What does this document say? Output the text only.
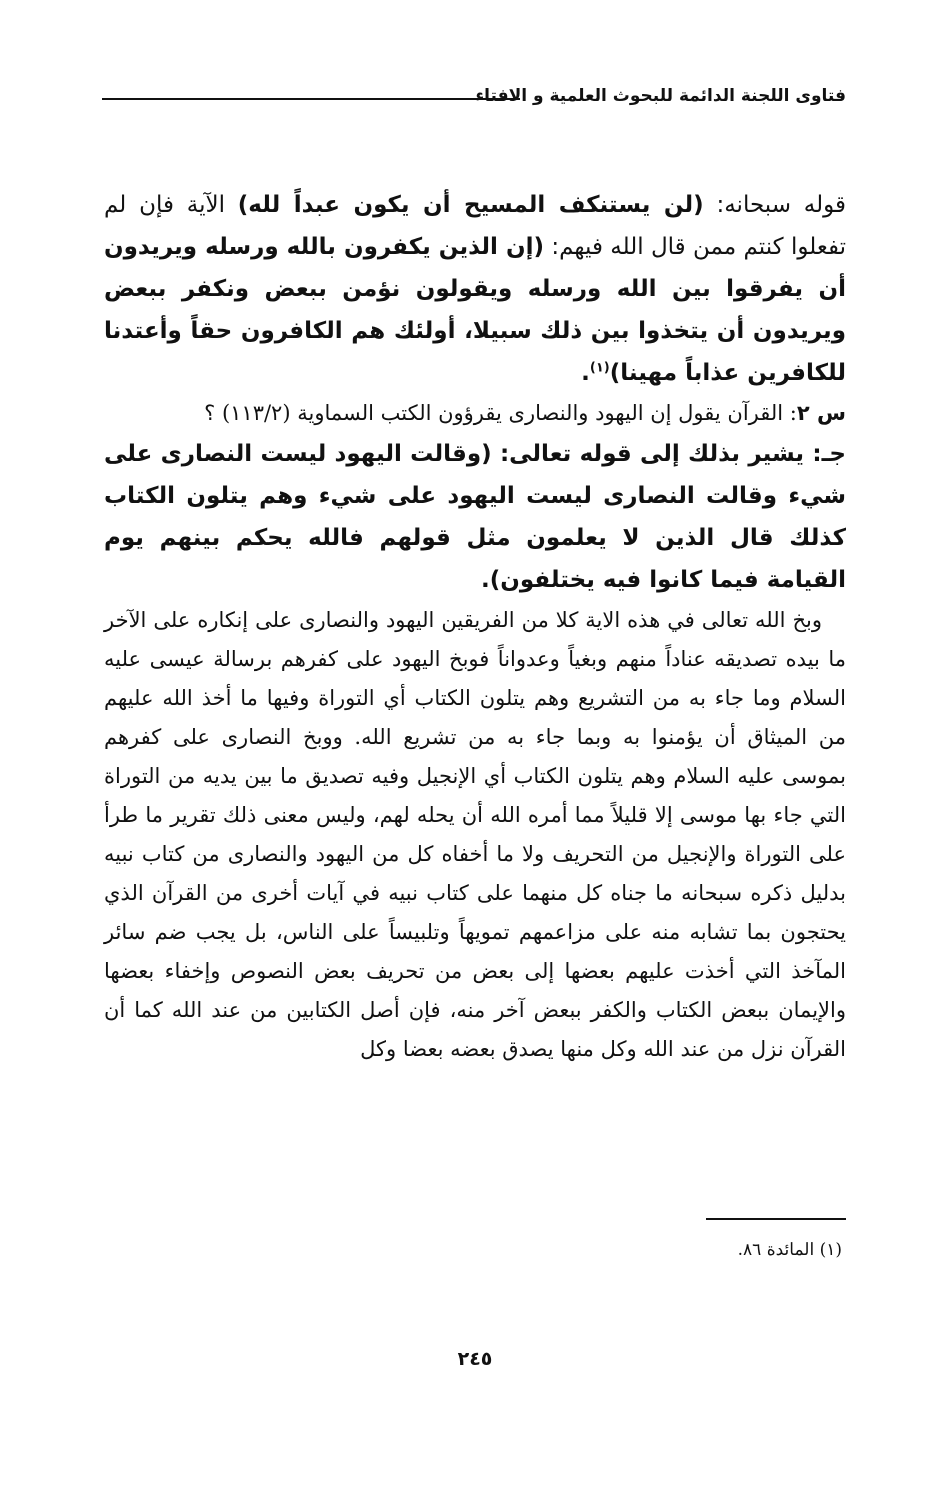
فتاوى اللجنة الدائمة للبحوث العلمية و الافتاء

قوله سبحانه: (لن يستنكف المسيح أن يكون عبداً لله) الآية فإن لم تفعلوا كنتم ممن قال الله فيهم: (إن الذين يكفرون بالله ورسله ويريدون أن يفرقوا بين الله ورسله ويقولون نؤمن ببعض ونكفر ببعض ويريدون أن يتخذوا بين ذلك سبيلا، أولئك هم الكافرون حقاً وأعتدنا للكافرين عذاباً مهينا)$^{(١)}$.

س ٢: القرآن يقول إن اليهود والنصارى يقرؤون الكتب السماوية (١١٣/٢) ؟

جـ: يشير بذلك إلى قوله تعالى: (وقالت اليهود ليست النصارى على شيء وقالت النصارى ليست اليهود على شيء وهم يتلون الكتاب كذلك قال الذين لا يعلمون مثل قولهم فالله يحكم بينهم يوم القيامة فيما كانوا فيه يختلفون).

وبخ الله تعالى في هذه الاية كلا من الفريقين اليهود والنصارى على إنكاره على الآخر ما بيده تصديقه عناداً منهم وبغياً وعدواناً فوبخ اليهود على كفرهم برسالة عيسى عليه السلام وما جاء به من التشريع وهم يتلون الكتاب أي التوراة وفيها ما أخذ الله عليهم من الميثاق أن يؤمنوا به وبما جاء به من تشريع الله. ووبخ النصارى على كفرهم بموسى عليه السلام وهم يتلون الكتاب أي الإنجيل وفيه تصديق ما بين يديه من التوراة التي جاء بها موسى إلا قليلاً مما أمره الله أن يحله لهم، وليس معنى ذلك تقرير ما طرأ على التوراة والإنجيل من التحريف ولا ما أخفاه كل من اليهود والنصارى من كتاب نبيه بدليل ذكره سبحانه ما جناه كل منهما على كتاب نبيه في آيات أخرى من القرآن الذي يحتجون بما تشابه منه على مزاعمهم تمويهاً وتلبيساً على الناس، بل يجب ضم سائر المآخذ التي أخذت عليهم بعضها إلى بعض من تحريف بعض النصوص وإخفاء بعضها والإيمان ببعض الكتاب والكفر ببعض آخر منه، فإن أصل الكتابين من عند الله كما أن القرآن نزل من عند الله وكل منها يصدق بعضه بعضا وكل

(١) المائدة ٨٦.
٢٤٥
